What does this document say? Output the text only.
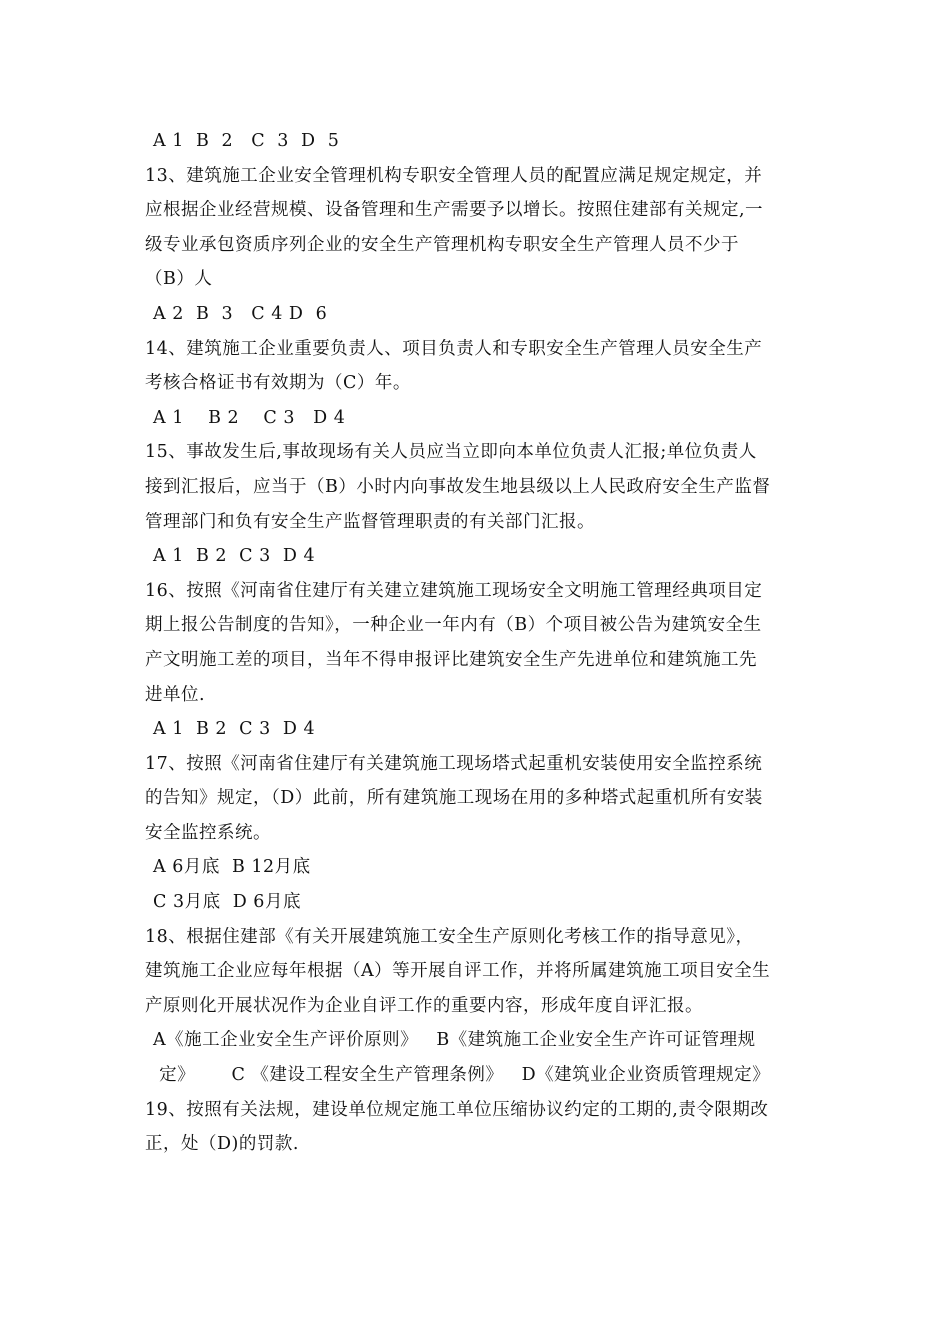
A 1  B  2   C  3  D  5
13、建筑施工企业安全管理机构专职安全管理人员的配置应满足规定规定，并
应根据企业经营规模、设备管理和生产需要予以增长。按照住建部有关规定,一
级专业承包资质序列企业的安全生产管理机构专职安全生产管理人员不少于
（B）人
A 2  B  3   C 4 D  6
14、建筑施工企业重要负责人、项目负责人和专职安全生产管理人员安全生产
考核合格证书有效期为（C）年。
A 1    B 2    C 3   D 4
15、事故发生后,事故现场有关人员应当立即向本单位负责人汇报;单位负责人
接到汇报后，应当于（B）小时内向事故发生地县级以上人民政府安全生产监督
管理部门和负有安全生产监督管理职责的有关部门汇报。
A 1  B 2  C 3  D 4
16、按照《河南省住建厅有关建立建筑施工现场安全文明施工管理经典项目定
期上报公告制度的告知》，一种企业一年内有（B）个项目被公告为建筑安全生
产文明施工差的项目，当年不得申报评比建筑安全生产先进单位和建筑施工先
进单位.
A 1  B 2  C 3  D 4
17、按照《河南省住建厅有关建筑施工现场塔式起重机安装使用安全监控系统
的告知》规定，（D）此前，所有建筑施工现场在用的多种塔式起重机所有安装
安全监控系统。
A 6月底  B 12月底
C 3月底  D 6月底
18、根据住建部《有关开展建筑施工安全生产原则化考核工作的指导意见》，
建筑施工企业应每年根据（A）等开展自评工作，并将所属建筑施工项目安全生
产原则化开展状况作为企业自评工作的重要内容，形成年度自评汇报。
A《施工企业安全生产评价原则》   B《建筑施工企业安全生产许可证管理规
定》      C 《建设工程安全生产管理条例》   D《建筑业企业资质管理规定》
19、按照有关法规，建设单位规定施工单位压缩协议约定的工期的,责令限期改
正，处（D)的罚款.
